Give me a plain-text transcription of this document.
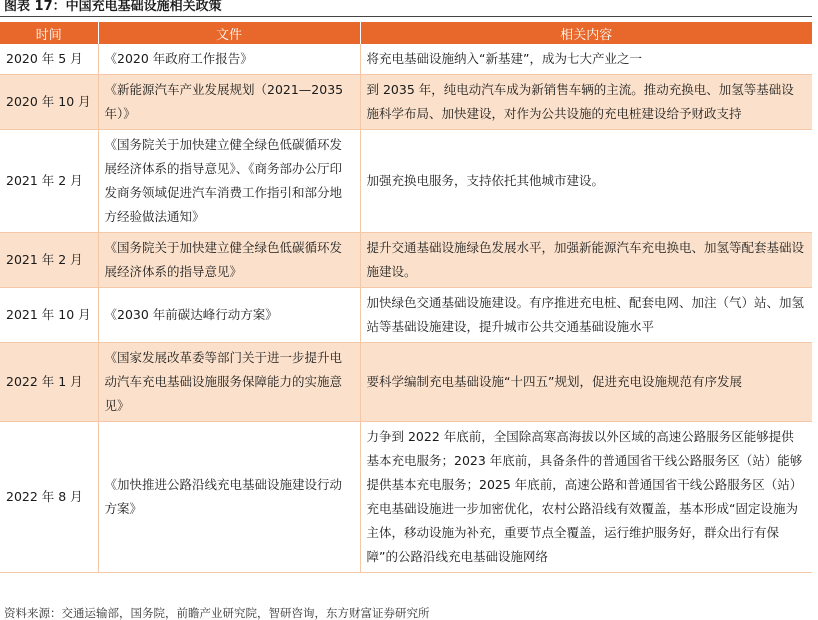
图表 17：中国充电基础设施相关政策
时间	文件	相关内容
2020 年 5 月	《2020 年政府工作报告》	将充电基础设施纳入“新基建”，成为七大产业之一
2020 年 10 月	《新能源汽车产业发展规划（2021—2035 年）》	到 2035 年，纯电动汽车成为新销售车辆的主流。推动充换电、加氢等基础设施科学布局、加快建设，对作为公共设施的充电桩建设给予财政支持
2021 年 2 月	《国务院关于加快建立健全绿色低碳循环发展经济体系的指导意见》、《商务部办公厅印发商务领域促进汽车消费工作指引和部分地方经验做法通知》	加强充换电服务，支持依托其他城市建设。
2021 年 2 月	《国务院关于加快建立健全绿色低碳循环发展经济体系的指导意见》	提升交通基础设施绿色发展水平，加强新能源汽车充电换电、加氢等配套基础设施建设。
2021 年 10 月	《2030 年前碳达峰行动方案》	加快绿色交通基础设施建设。有序推进充电桩、配套电网、加注（气）站、加氢站等基础设施建设，提升城市公共交通基础设施水平
2022 年 1 月	《国家发展改革委等部门关于进一步提升电动汽车充电基础设施服务保障能力的实施意见》	要科学编制充电基础设施“十四五”规划，促进充电设施规范有序发展
2022 年 8 月	《加快推进公路沿线充电基础设施建设行动方案》	力争到 2022 年底前，全国除高寒高海拔以外区域的高速公路服务区能够提供基本充电服务；2023 年底前，具备条件的普通国省干线公路服务区（站）能够提供基本充电服务；2025 年底前，高速公路和普通国省干线公路服务区（站）充电基础设施进一步加密优化，农村公路沿线有效覆盖，基本形成“固定设施为主体，移动设施为补充，重要节点全覆盖，运行维护服务好，群众出行有保障”的公路沿线充电基础设施网络
资料来源：交通运输部，国务院，前瞻产业研究院，智研咨询，东方财富证券研究所
